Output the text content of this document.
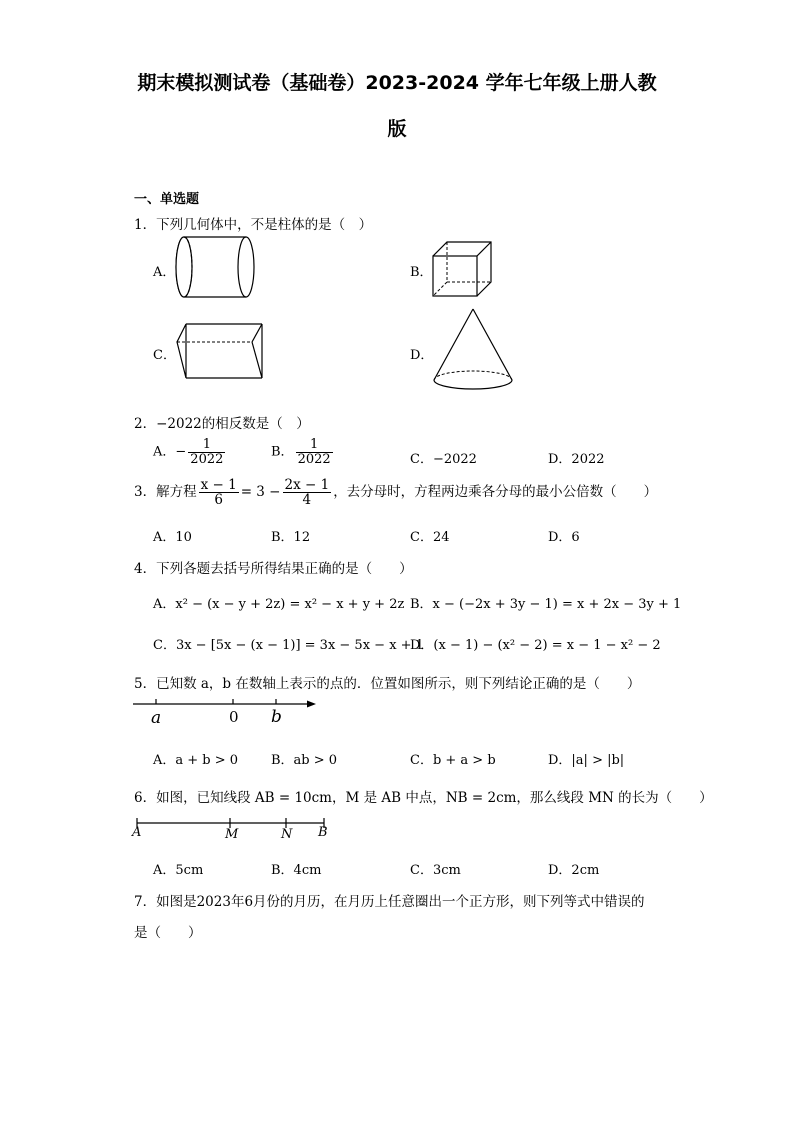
期末模拟测试卷（基础卷）2023-2024 学年七年级上册人教
版
一、单选题
1．下列几何体中，不是柱体的是（　）
A．	B．
C．	D．
2．−2022的相反数是（　）
A．− $\frac{1}{2022}$	B． $\frac{1}{2022}$	C．−2022	D．2022
3．解方程 $\frac{x - 1}{6} = 3 - \frac{2x - 1}{4}$ ，去分母时，方程两边乘各分母的最小公倍数（　　）
A．10	B．12	C．24	D．6
4．下列各题去括号所得结果正确的是（　　）
A．x² − (x − y + 2z) = x² − x + y + 2z B．x − (−2x + 3y − 1) = x + 2x − 3y + 1
C．3x − [5x − (x − 1)] = 3x − 5x − x + 1
D．(x − 1) − (x² − 2) = x − 1 − x² − 2
5．已知数 a，b 在数轴上表示的点的．位置如图所示，则下列结论正确的是（　　）
a	0 b
A．a + b > 0	B．ab > 0	C．b + a > b	D．|a| > |b|
6．如图，已知线段 AB = 10cm，M 是 AB 中点，NB = 2cm，那么线段 MN 的长为（　　）
A	M	N B
A．5cm	B．4cm	C．3cm	D．2cm
7．如图是2023年6月份的月历，在月历上任意圈出一个正方形，则下列等式中错误的
是（　　）
